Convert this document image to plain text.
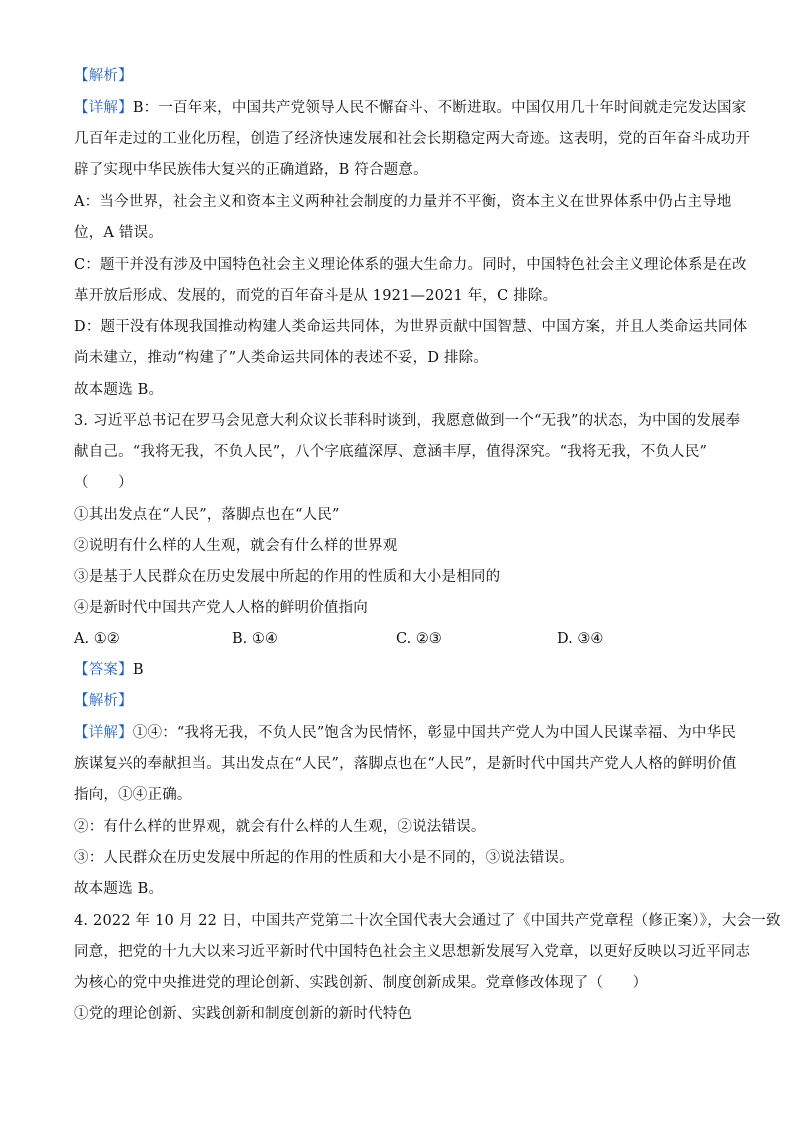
【解析】
【详解】B：一百年来，中国共产党领导人民不懈奋斗、不断进取。中国仅用几十年时间就走完发达国家
几百年走过的工业化历程，创造了经济快速发展和社会长期稳定两大奇迹。这表明，党的百年奋斗成功开
辟了实现中华民族伟大复兴的正确道路，B 符合题意。
A：当今世界，社会主义和资本主义两种社会制度的力量并不平衡，资本主义在世界体系中仍占主导地
位，A 错误。
C：题干并没有涉及中国特色社会主义理论体系的强大生命力。同时，中国特色社会主义理论体系是在改
革开放后形成、发展的，而党的百年奋斗是从 1921—2021 年，C 排除。
D：题干没有体现我国推动构建人类命运共同体，为世界贡献中国智慧、中国方案，并且人类命运共同体
尚未建立，推动“构建了”人类命运共同体的表述不妥，D 排除。
故本题选 B。
3. 习近平总书记在罗马会见意大利众议长菲科时谈到，我愿意做到一个“无我”的状态，为中国的发展奉
献自己。“我将无我，不负人民”，八个字底蕴深厚、意涵丰厚，值得深究。“我将无我，不负人民”
（　　）
①其出发点在“人民”，落脚点也在“人民”
②说明有什么样的人生观，就会有什么样的世界观
③是基于人民群众在历史发展中所起的作用的性质和大小是相同的
④是新时代中国共产党人人格的鲜明价值指向
A. ①②	B. ①④	C. ②③	D. ③④
【答案】B
【解析】
【详解】①④：“我将无我，不负人民”饱含为民情怀，彰显中国共产党人为中国人民谋幸福、为中华民
族谋复兴的奉献担当。其出发点在“人民”，落脚点也在“人民”，是新时代中国共产党人人格的鲜明价值
指向，①④正确。
②：有什么样的世界观，就会有什么样的人生观，②说法错误。
③：人民群众在历史发展中所起的作用的性质和大小是不同的，③说法错误。
故本题选 B。
4. 2022 年 10 月 22 日，中国共产党第二十次全国代表大会通过了《中国共产党章程（修正案）》，大会一致
同意，把党的十九大以来习近平新时代中国特色社会主义思想新发展写入党章，以更好反映以习近平同志
为核心的党中央推进党的理论创新、实践创新、制度创新成果。党章修改体现了（　　）
①党的理论创新、实践创新和制度创新的新时代特色
